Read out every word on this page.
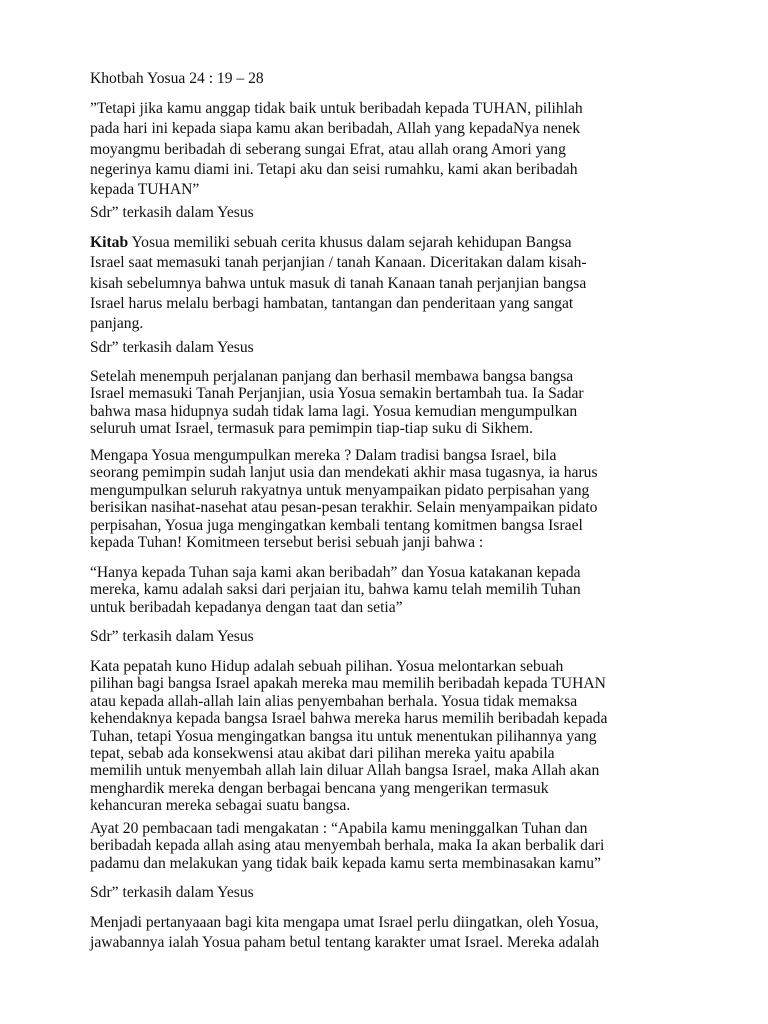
Khotbah Yosua 24 : 19 – 28

”Tetapi jika kamu anggap tidak baik untuk beribadah kepada TUHAN, pilihlah
pada hari ini kepada siapa kamu akan beribadah, Allah yang kepadaNya nenek
moyangmu beribadah di seberang sungai Efrat, atau allah orang Amori yang
negerinya kamu diami ini. Tetapi aku dan seisi rumahku, kami akan beribadah
kepada TUHAN”

Sdr” terkasih dalam Yesus

Kitab Yosua memiliki sebuah cerita khusus dalam sejarah kehidupan Bangsa
Israel saat memasuki tanah perjanjian / tanah Kanaan. Diceritakan dalam kisah-
kisah sebelumnya bahwa untuk masuk di tanah Kanaan tanah perjanjian bangsa
Israel harus melalu berbagi hambatan, tantangan dan penderitaan yang sangat
panjang.

Sdr” terkasih dalam Yesus

Setelah menempuh perjalanan panjang dan berhasil membawa bangsa bangsa
Israel memasuki Tanah Perjanjian, usia Yosua semakin bertambah tua. Ia Sadar
bahwa masa hidupnya sudah tidak lama lagi. Yosua kemudian mengumpulkan
seluruh umat Israel, termasuk para pemimpin tiap-tiap suku di Sikhem.

Mengapa Yosua mengumpulkan mereka ? Dalam tradisi bangsa Israel, bila
seorang pemimpin sudah lanjut usia dan mendekati akhir masa tugasnya, ia harus
mengumpulkan seluruh rakyatnya untuk menyampaikan pidato perpisahan yang
berisikan nasihat-nasehat atau pesan-pesan terakhir. Selain menyampaikan pidato
perpisahan, Yosua juga mengingatkan kembali tentang komitmen bangsa Israel
kepada Tuhan! Komitmeen tersebut berisi sebuah janji bahwa :

“Hanya kepada Tuhan saja kami akan beribadah” dan Yosua katakanan kepada
mereka, kamu adalah saksi dari perjaian itu, bahwa kamu telah memilih Tuhan
untuk beribadah kepadanya dengan taat dan setia”

Sdr” terkasih dalam Yesus

Kata pepatah kuno Hidup adalah sebuah pilihan. Yosua melontarkan sebuah
pilihan bagi bangsa Israel apakah mereka mau memilih beribadah kepada TUHAN
atau kepada allah-allah lain alias penyembahan berhala. Yosua tidak memaksa
kehendaknya kepada bangsa Israel bahwa mereka harus memilih beribadah kepada
Tuhan, tetapi Yosua mengingatkan bangsa itu untuk menentukan pilihannya yang
tepat, sebab ada konsekwensi atau akibat dari pilihan mereka yaitu apabila
memilih untuk menyembah allah lain diluar Allah bangsa Israel, maka Allah akan
menghardik mereka dengan berbagai bencana yang mengerikan termasuk
kehancuran mereka sebagai suatu bangsa.

Ayat 20 pembacaan tadi mengakatan : “Apabila kamu meninggalkan Tuhan dan
beribadah kepada allah asing atau menyembah berhala, maka Ia akan berbalik dari
padamu dan melakukan yang tidak baik kepada kamu serta membinasakan kamu”

Sdr” terkasih dalam Yesus

Menjadi pertanyaaan bagi kita mengapa umat Israel perlu diingatkan, oleh Yosua,
jawabannya ialah Yosua paham betul tentang karakter umat Israel. Mereka adalah
